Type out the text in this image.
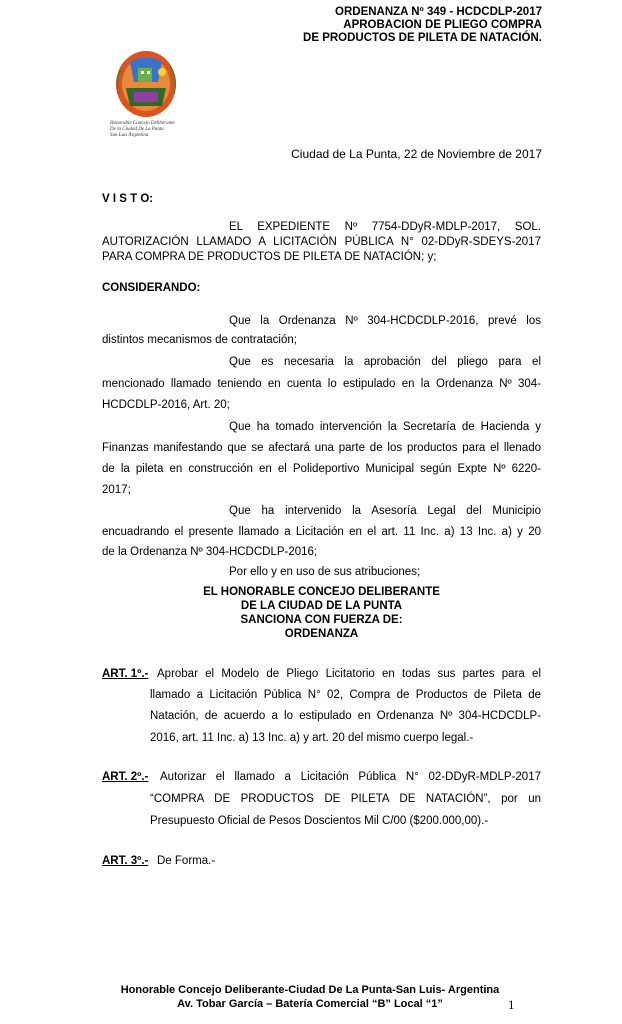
ORDENANZA Nº 349 - HCDCDLP-2017
APROBACION DE PLIEGO COMPRA
DE PRODUCTOS DE PILETA DE NATACIÓN.
Honorable Concejo Deliberante
De la Ciudad De La Punta
San Luis Argentina
Ciudad de La Punta, 22 de Noviembre de 2017
V I S T O:
EL EXPEDIENTE Nº 7754-DDyR-MDLP-2017, SOL.
AUTORIZACIÓN LLAMADO A LICITACIÓN PÚBLICA N° 02-DDyR-SDEYS-2017
PARA COMPRA DE PRODUCTOS DE PILETA DE NATACIÓN; y;
CONSIDERANDO:
Que la Ordenanza Nº 304-HCDCDLP-2016, prevé los
distintos mecanismos de contratación;
Que es necesaria la aprobación del pliego para el
mencionado llamado teniendo en cuenta lo estipulado en la Ordenanza Nº 304-
HCDCDLP-2016, Art. 20;
Que ha tomado intervención la Secretaría de Hacienda y
Finanzas manifestando que se afectará una parte de los productos para el llenado
de la pileta en construcción en el Polideportivo Municipal según Expte Nº 6220-
2017;
Que ha intervenido la Asesoría Legal del Municipio
encuadrando el presente llamado a Licitación en el art. 11 Inc. a) 13 Inc. a) y 20
de la Ordenanza Nº 304-HCDCDLP-2016;
Por ello y en uso de sus atribuciones;
EL HONORABLE CONCEJO DELIBERANTE
DE LA CIUDAD DE LA PUNTA
SANCIONA CON FUERZA DE:
ORDENANZA
ART. 1º.- Aprobar el Modelo de Pliego Licitatorio en todas sus partes para el
llamado a Licitación Pública N° 02, Compra de Productos de Pileta de
Natación, de acuerdo a lo estipulado en Ordenanza Nº 304-HCDCDLP-
2016, art. 11 Inc. a) 13 Inc. a) y art. 20 del mismo cuerpo legal.-
ART. 2º.- Autorizar el llamado a Licitación Pública N° 02-DDyR-MDLP-2017
“COMPRA DE PRODUCTOS DE PILETA DE NATACIÓN”, por un
Presupuesto Oficial de Pesos Doscientos Mil C/00 ($200.000,00).-
ART. 3º.- De Forma.-
Honorable Concejo Deliberante-Ciudad De La Punta-San Luis- Argentina
Av. Tobar García – Batería Comercial “B” Local “1”	1
